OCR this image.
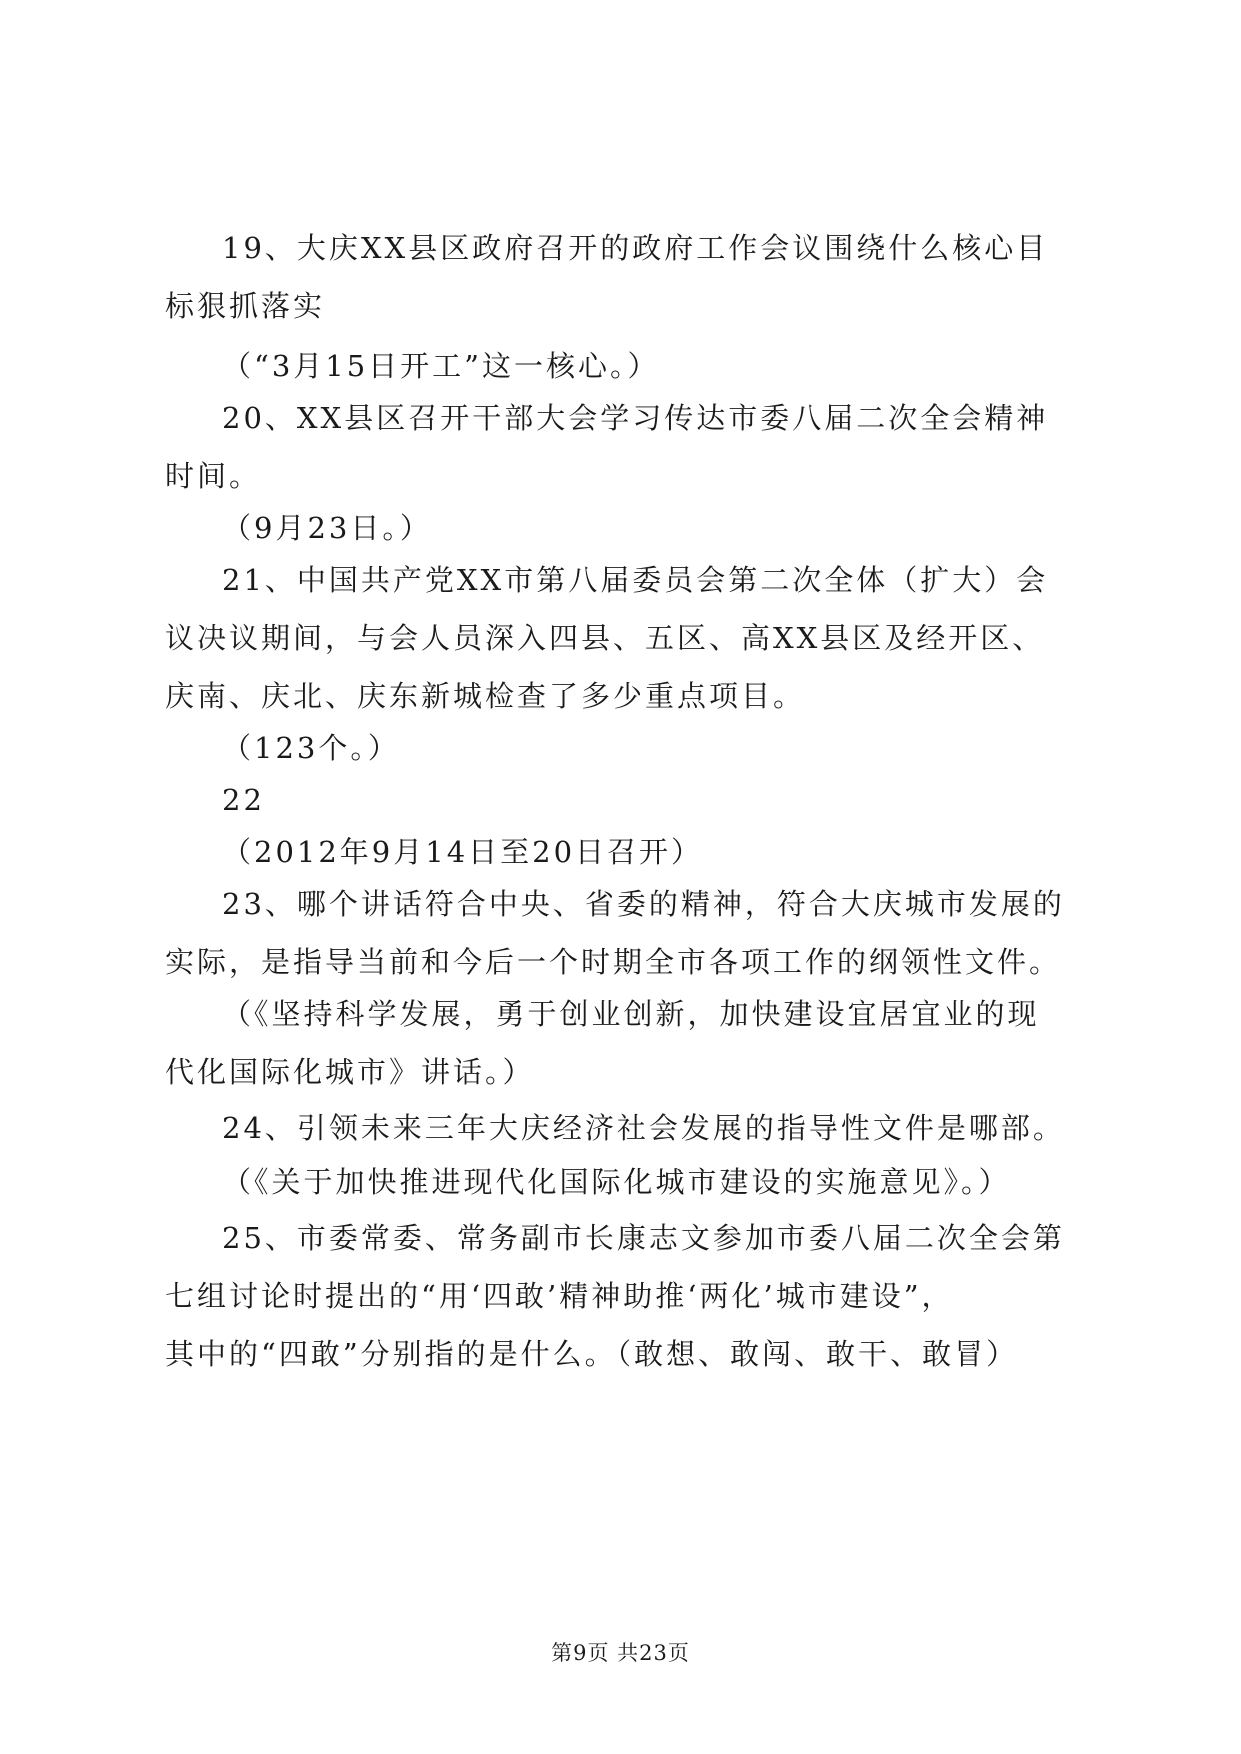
19、大庆XX县区政府召开的政府工作会议围绕什么核心目
标狠抓落实
（“3月15日开工”这一核心。）
20、XX县区召开干部大会学习传达市委八届二次全会精神
时间。
（9月23日。）
21、中国共产党XX市第八届委员会第二次全体（扩大）会
议决议期间，与会人员深入四县、五区、高XX县区及经开区、
庆南、庆北、庆东新城检查了多少重点项目。
（123个。）
22
（2012年9月14日至20日召开）
23、哪个讲话符合中央、省委的精神，符合大庆城市发展的
实际，是指导当前和今后一个时期全市各项工作的纲领性文件。
（《坚持科学发展，勇于创业创新，加快建设宜居宜业的现
代化国际化城市》讲话。）
24、引领未来三年大庆经济社会发展的指导性文件是哪部。
（《关于加快推进现代化国际化城市建设的实施意见》。）
25、市委常委、常务副市长康志文参加市委八届二次全会第
七组讨论时提出的“用‘四敢’精神助推‘两化’城市建设”，
其中的“四敢”分别指的是什么。（敢想、敢闯、敢干、敢冒）
第9页 共23页
